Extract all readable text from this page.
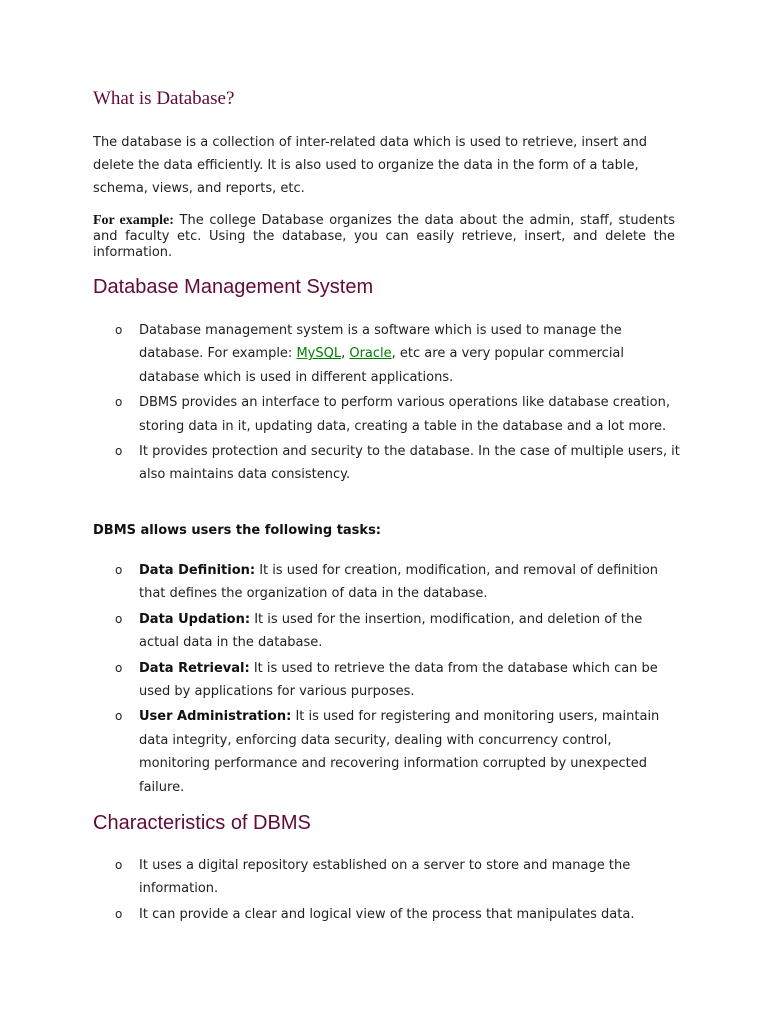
What is Database?

The database is a collection of inter-related data which is used to retrieve, insert and delete the data efficiently. It is also used to organize the data in the form of a table, schema, views, and reports, etc.

For example: The college Database organizes the data about the admin, staff, students and faculty etc. Using the database, you can easily retrieve, insert, and delete the information.

Database Management System
o Database management system is a software which is used to manage the database. For example: MySQL, Oracle, etc are a very popular commercial database which is used in different applications.
o DBMS provides an interface to perform various operations like database creation, storing data in it, updating data, creating a table in the database and a lot more.
o It provides protection and security to the database. In the case of multiple users, it also maintains data consistency.

DBMS allows users the following tasks:

o Data Definition: It is used for creation, modification, and removal of definition that defines the organization of data in the database.
o Data Updation: It is used for the insertion, modification, and deletion of the actual data in the database.
o Data Retrieval: It is used to retrieve the data from the database which can be used by applications for various purposes.
o User Administration: It is used for registering and monitoring users, maintain data integrity, enforcing data security, dealing with concurrency control, monitoring performance and recovering information corrupted by unexpected failure.
Characteristics of DBMS
o It uses a digital repository established on a server to store and manage the information.
o It can provide a clear and logical view of the process that manipulates data.
